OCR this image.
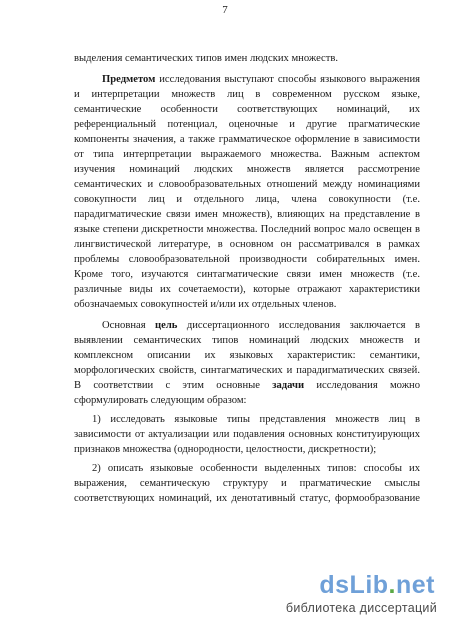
7
выделения семантических типов имен людских множеств.
Предметом исследования выступают способы языкового выражения
и интерпретации множеств лиц в современном русском языке,
семантические особенности соответствующих номинаций, их
референциальный потенциал, оценочные и другие прагматические
компоненты значения, а также грамматическое оформление в зависимости
от типа интерпретации выражаемого множества. Важным аспектом
изучения номинаций людских множеств является рассмотрение
семантических и словообразовательных отношений между номинациями
совокупности лиц и отдельного лица, члена совокупности (т.е.
парадигматические связи имен множеств), влияющих на представление в
языке степени дискретности множества. Последний вопрос мало освещен в
лингвистической литературе, в основном он рассматривался в рамках
проблемы словообразовательной производности собирательных имен.
Кроме того, изучаются синтагматические связи имен множеств (т.е.
различные виды их сочетаемости), которые отражают характеристики
обозначаемых совокупностей и/или их отдельных членов.
Основная цель диссертационного исследования заключается в
выявлении семантических типов номинаций людских множеств и
комплексном описании их языковых характеристик: семантики,
морфологических свойств, синтагматических и парадигматических связей.
В соответствии с этим основные задачи исследования можно
сформулировать следующим образом:
1) исследовать языковые типы представления множеств лиц в
зависимости от актуализации или подавления основных конституирующих
признаков множества (однородности, целостности, дискретности);
2) описать языковые особенности выделенных типов: способы их
выражения, семантическую структуру и прагматические смыслы
соответствующих номинаций, их денотативный статус, формообразование
dsLib.net
библиотека диссертаций
